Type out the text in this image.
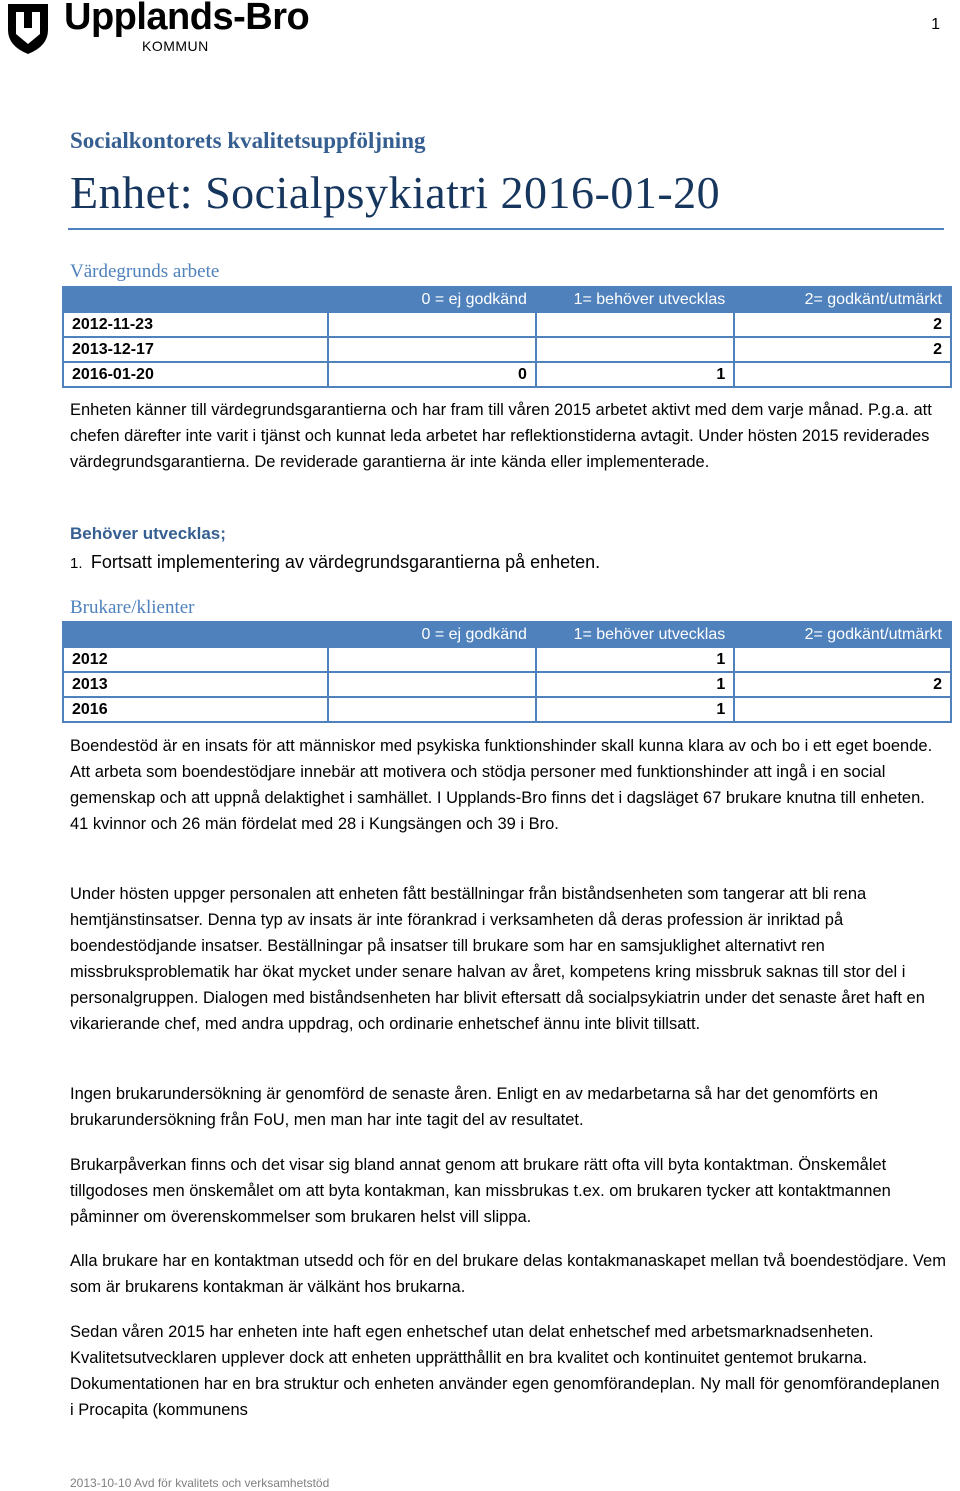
Upplands-Bro
KOMMUN
1
Socialkontorets kvalitetsuppföljning
Enhet: Socialpsykiatri 2016-01-20
Värdegrunds arbete
	0 = ej godkänd	1= behöver utvecklas	2= godkänt/utmärkt
2012-11-23			2
2013-12-17			2
2016-01-20	0	1	
Enheten känner till värdegrundsgarantierna och har fram till våren 2015 arbetet aktivt med dem varje månad. P.g.a. att chefen därefter inte varit i tjänst och kunnat leda arbetet har reflektionstiderna avtagit. Under hösten 2015 reviderades värdegrundsgarantierna. De reviderade garantierna är inte kända eller implementerade.
Behöver utvecklas;
1.  Fortsatt implementering av värdegrundsgarantierna på enheten.
Brukare/klienter
	0 = ej godkänd	1= behöver utvecklas	2= godkänt/utmärkt
2012		1	
2013		1	2
2016		1	
Boendestöd är en insats för att människor med psykiska funktionshinder skall kunna klara av och bo i ett eget boende. Att arbeta som boendestödjare innebär att motivera och stödja personer med funktionshinder att ingå i en social gemenskap och att uppnå delaktighet i samhället. I Upplands-Bro finns det i dagsläget 67 brukare knutna till enheten. 41 kvinnor och 26 män fördelat med 28 i Kungsängen och 39 i Bro.
Under hösten uppger personalen att enheten fått beställningar från biståndsenheten som tangerar att bli rena hemtjänstinsatser. Denna typ av insats är inte förankrad i verksamheten då deras profession är inriktad på boendestödjande insatser. Beställningar på insatser till brukare som har en samsjuklighet alternativt ren missbruksproblematik har ökat mycket under senare halvan av året, kompetens kring missbruk saknas till stor del i personalgruppen. Dialogen med biståndsenheten har blivit eftersatt då socialpsykiatrin under det senaste året haft en vikarierande chef, med andra uppdrag, och ordinarie enhetschef ännu inte blivit tillsatt.
Ingen brukarundersökning är genomförd de senaste åren. Enligt en av medarbetarna så har det genomförts en brukarundersökning från FoU, men man har inte tagit del av resultatet.
Brukarpåverkan finns och det visar sig bland annat genom att brukare rätt ofta vill byta kontaktman. Önskemålet tillgodoses men önskemålet om att byta kontakman, kan missbrukas t.ex. om brukaren tycker att kontaktmannen påminner om överenskommelser som brukaren helst vill slippa.
Alla brukare har en kontaktman utsedd och för en del brukare delas kontakmanaskapet mellan två boendestödjare. Vem som är brukarens kontakman är välkänt hos brukarna.
Sedan våren 2015 har enheten inte haft egen enhetschef utan delat enhetschef med arbetsmarknadsenheten. Kvalitetsutvecklaren upplever dock att enheten upprätthållit en bra kvalitet och kontinuitet gentemot brukarna. Dokumentationen har en bra struktur och enheten använder egen genomförandeplan. Ny mall för genomförandeplanen i Procapita (kommunens
2013-10-10 Avd för kvalitets och verksamhetstöd
